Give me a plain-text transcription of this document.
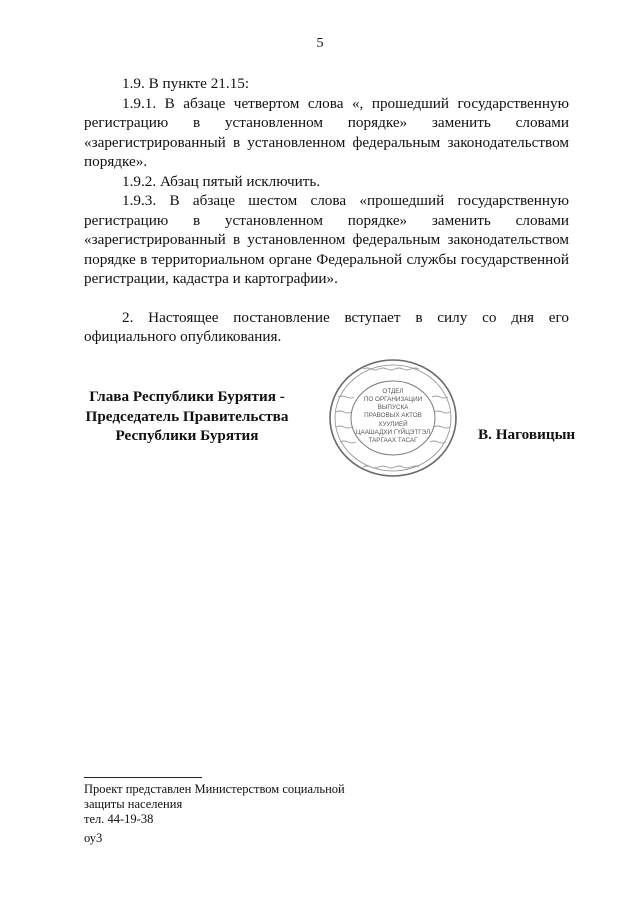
5

1.9. В пункте 21.15:

1.9.1. В абзаце четвертом слова «, прошедший государственную регистрацию в установленном порядке» заменить словами «зарегистрированный в установленном федеральным законодательством порядке».

1.9.2. Абзац пятый исключить.

1.9.3. В абзаце шестом слова «прошедший государственную регистрацию в установленном порядке» заменить словами «зарегистрированный в установленном федеральным законодательством порядке в территориальном органе Федеральной службы государственной регистрации, кадастра и картографии».

2. Настоящее постановление вступает в силу со дня его официального опубликования.

Глава Республики Бурятия -
Председатель Правительства
Республики Бурятия
ОТДЕЛ
ПО ОРГАНИЗАЦИИ
ВЫПУСКА
ПРАВОВЫХ АКТОВ
ХУУЛИЕЙ
ЦААШАДХИ ГҮЙЦЭТГЭЛ
ТАРГААХ ТАСАГ	В. Наговицын
Проект представлен Министерством социальной
защиты населения
тел. 44-19-38
оу3
